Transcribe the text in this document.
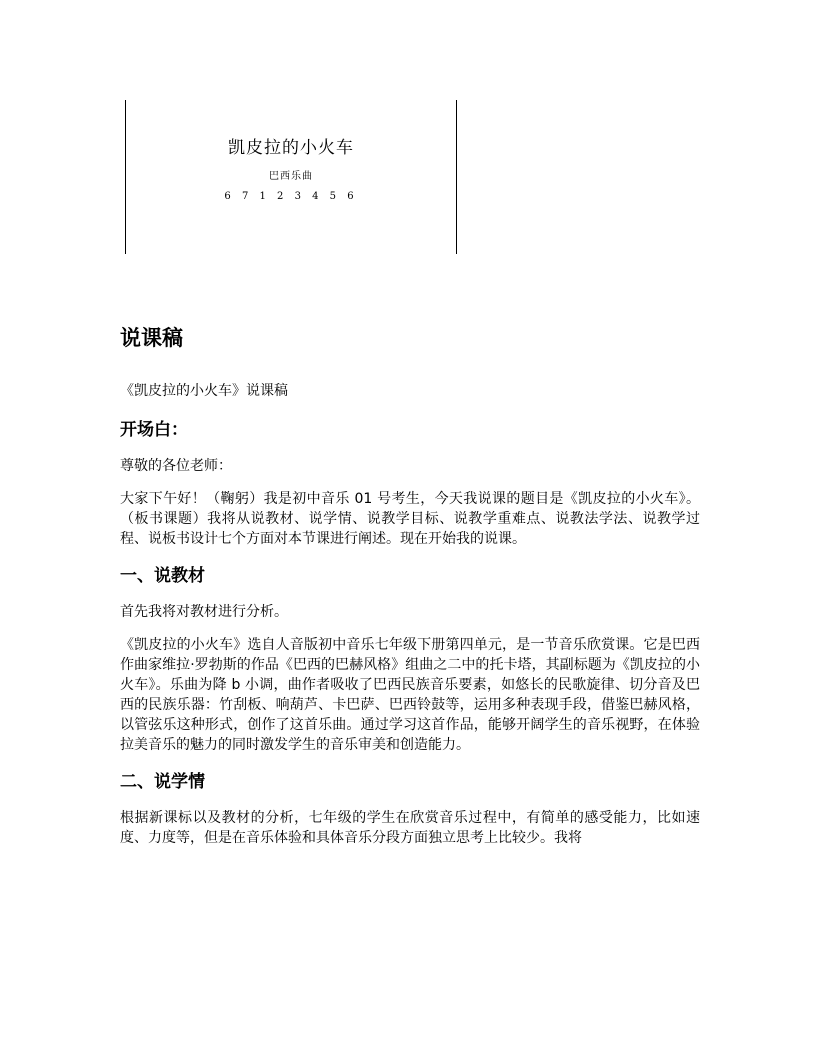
凯皮拉的小火车
巴西乐曲
6 7 1 2 3 4 5 6
说课稿
《凯皮拉的小火车》说课稿
开场白：

尊敬的各位老师：

大家下午好！（鞠躬）我是初中音乐 01 号考生，今天我说课的题目是《凯皮拉的小火车》。（板书课题）我将从说教材、说学情、说教学目标、说教学重难点、说教法学法、说教学过程、说板书设计七个方面对本节课进行阐述。现在开始我的说课。

一、说教材

首先我将对教材进行分析。

《凯皮拉的小火车》选自人音版初中音乐七年级下册第四单元，是一节音乐欣赏课。它是巴西作曲家维拉·罗勃斯的作品《巴西的巴赫风格》组曲之二中的托卡塔，其副标题为《凯皮拉的小火车》。乐曲为降 b 小调，曲作者吸收了巴西民族音乐要素，如悠长的民歌旋律、切分音及巴西的民族乐器：竹刮板、响葫芦、卡巴萨、巴西铃鼓等，运用多种表现手段，借鉴巴赫风格，以管弦乐这种形式，创作了这首乐曲。通过学习这首作品，能够开阔学生的音乐视野，在体验拉美音乐的魅力的同时激发学生的音乐审美和创造能力。

二、说学情

根据新课标以及教材的分析，七年级的学生在欣赏音乐过程中，有简单的感受能力，比如速度、力度等，但是在音乐体验和具体音乐分段方面独立思考上比较少。我将
